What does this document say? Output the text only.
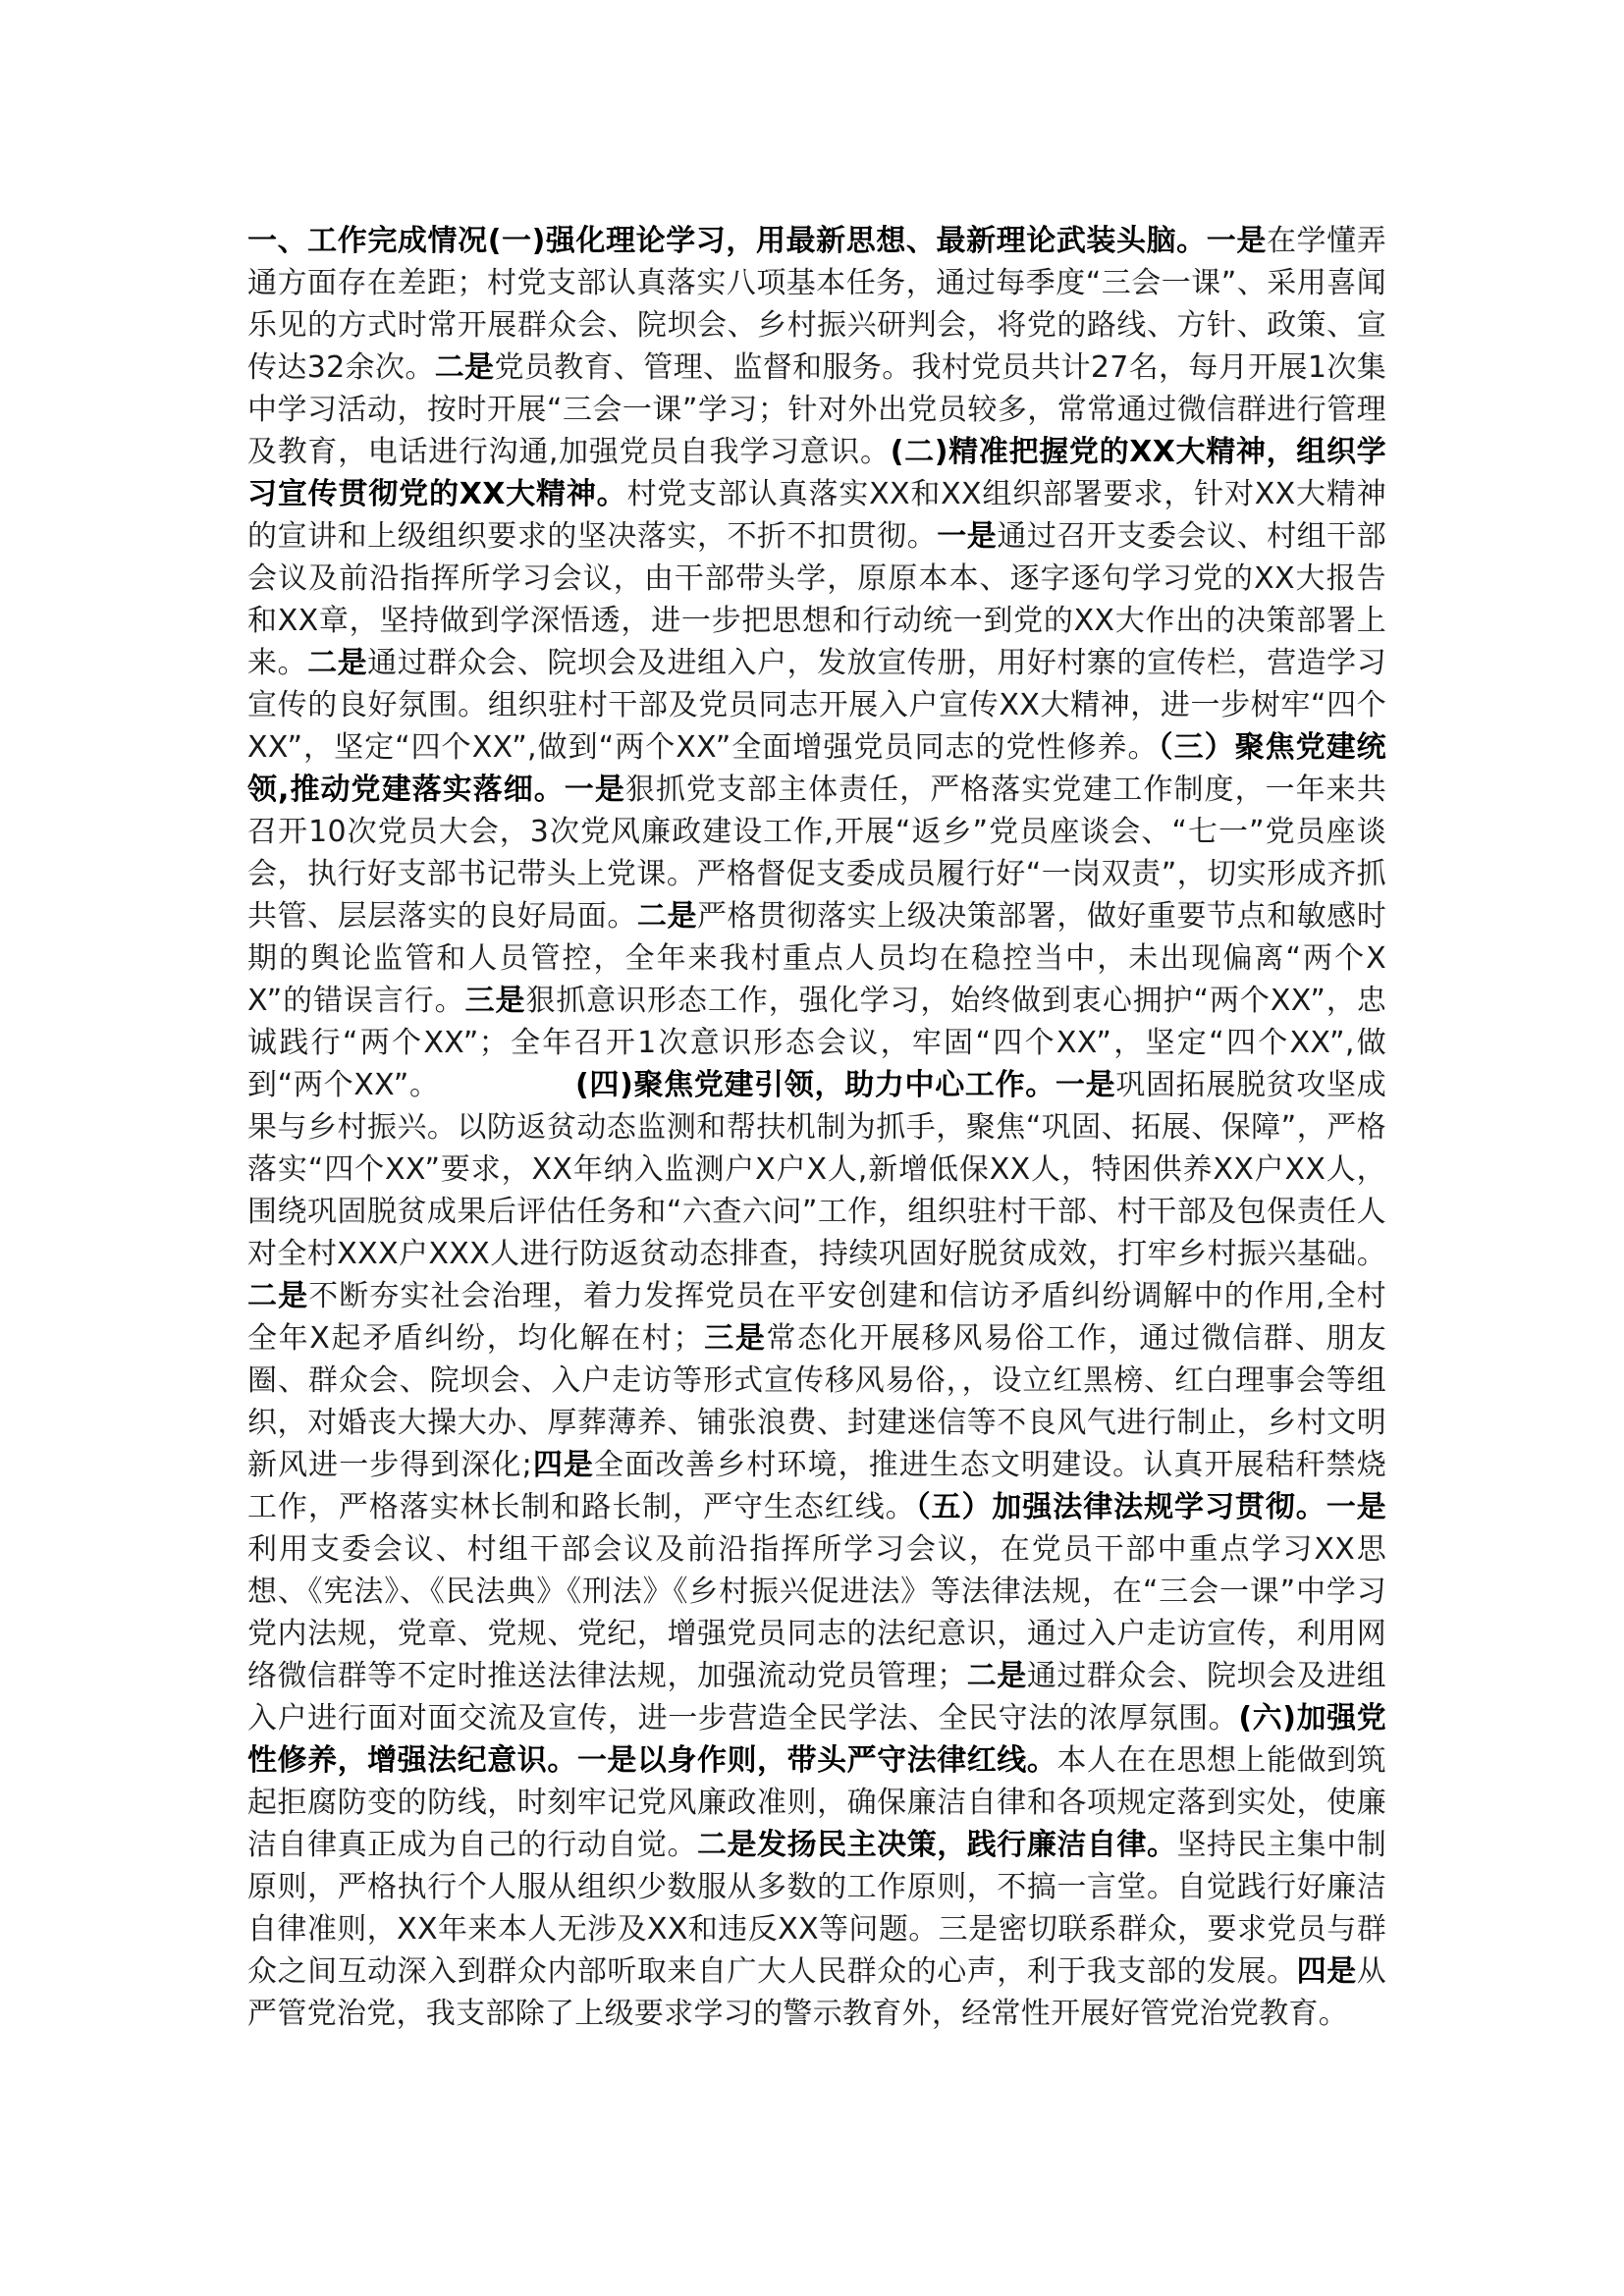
一、工作完成情况(一)强化理论学习，用最新思想、最新理论武装头脑。一是在学懂弄通方面存在差距；村党支部认真落实八项基本任务，通过每季度“三会一课”、采用喜闻乐见的方式时常开展群众会、院坝会、乡村振兴研判会，将党的路线、方针、政策、宣传达32余次。二是党员教育、管理、监督和服务。我村党员共计27名，每月开展1次集中学习活动，按时开展“三会一课”学习；针对外出党员较多，常常通过微信群进行管理及教育，电话进行沟通,加强党员自我学习意识。(二)精准把握党的XX大精神，组织学习宣传贯彻党的XX大精神。村党支部认真落实XX和XX组织部署要求，针对XX大精神的宣讲和上级组织要求的坚决落实，不折不扣贯彻。一是通过召开支委会议、村组干部会议及前沿指挥所学习会议，由干部带头学，原原本本、逐字逐句学习党的XX大报告和XX章，坚持做到学深悟透，进一步把思想和行动统一到党的XX大作出的决策部署上来。二是通过群众会、院坝会及进组入户，发放宣传册，用好村寨的宣传栏，营造学习宣传的良好氛围。组织驻村干部及党员同志开展入户宣传XX大精神，进一步树牢“四个XX”，坚定“四个XX”,做到“两个XX”全面增强党员同志的党性修养。（三）聚焦党建统领,推动党建落实落细。一是狠抓党支部主体责任，严格落实党建工作制度，一年来共召开10次党员大会，3次党风廉政建设工作,开展“返乡”党员座谈会、“七一”党员座谈会，执行好支部书记带头上党课。严格督促支委成员履行好“一岗双责”，切实形成齐抓共管、层层落实的良好局面。二是严格贯彻落实上级决策部署，做好重要节点和敏感时期的舆论监管和人员管控，全年来我村重点人员均在稳控当中，未出现偏离“两个XX”的错误言行。三是狠抓意识形态工作，强化学习，始终做到衷心拥护“两个XX”，忠诚践行“两个XX”；全年召开1次意识形态会议，牢固“四个XX”，坚定“四个XX”,做到“两个XX”。　　　　　(四)聚焦党建引领，助力中心工作。一是巩固拓展脱贫攻坚成果与乡村振兴。以防返贫动态监测和帮扶机制为抓手，聚焦“巩固、拓展、保障”，严格落实“四个XX”要求，XX年纳入监测户X户X人,新增低保XX人，特困供养XX户XX人，围绕巩固脱贫成果后评估任务和“六查六问”工作，组织驻村干部、村干部及包保责任人对全村XXX户XXX人进行防返贫动态排查，持续巩固好脱贫成效，打牢乡村振兴基础。二是不断夯实社会治理，着力发挥党员在平安创建和信访矛盾纠纷调解中的作用,全村全年X起矛盾纠纷，均化解在村；三是常态化开展移风易俗工作，通过微信群、朋友圈、群众会、院坝会、入户走访等形式宣传移风易俗，，设立红黑榜、红白理事会等组织，对婚丧大操大办、厚葬薄养、铺张浪费、封建迷信等不良风气进行制止，乡村文明新风进一步得到深化;四是全面改善乡村环境，推进生态文明建设。认真开展秸秆禁烧工作，严格落实林长制和路长制，严守生态红线。（五）加强法律法规学习贯彻。一是利用支委会议、村组干部会议及前沿指挥所学习会议，在党员干部中重点学习XX思想、《宪法》、《民法典》《刑法》《乡村振兴促进法》等法律法规，在“三会一课”中学习党内法规，党章、党规、党纪，增强党员同志的法纪意识，通过入户走访宣传，利用网络微信群等不定时推送法律法规，加强流动党员管理；二是通过群众会、院坝会及进组入户进行面对面交流及宣传，进一步营造全民学法、全民守法的浓厚氛围。(六)加强党性修养，增强法纪意识。一是以身作则，带头严守法律红线。本人在在思想上能做到筑起拒腐防变的防线，时刻牢记党风廉政准则，确保廉洁自律和各项规定落到实处，使廉洁自律真正成为自己的行动自觉。二是发扬民主决策，践行廉洁自律。坚持民主集中制原则，严格执行个人服从组织少数服从多数的工作原则，不搞一言堂。自觉践行好廉洁自律准则，XX年来本人无涉及XX和违反XX等问题。三是密切联系群众，要求党员与群众之间互动深入到群众内部听取来自广大人民群众的心声，利于我支部的发展。四是从严管党治党，我支部除了上级要求学习的警示教育外，经常性开展好管党治党教育。
